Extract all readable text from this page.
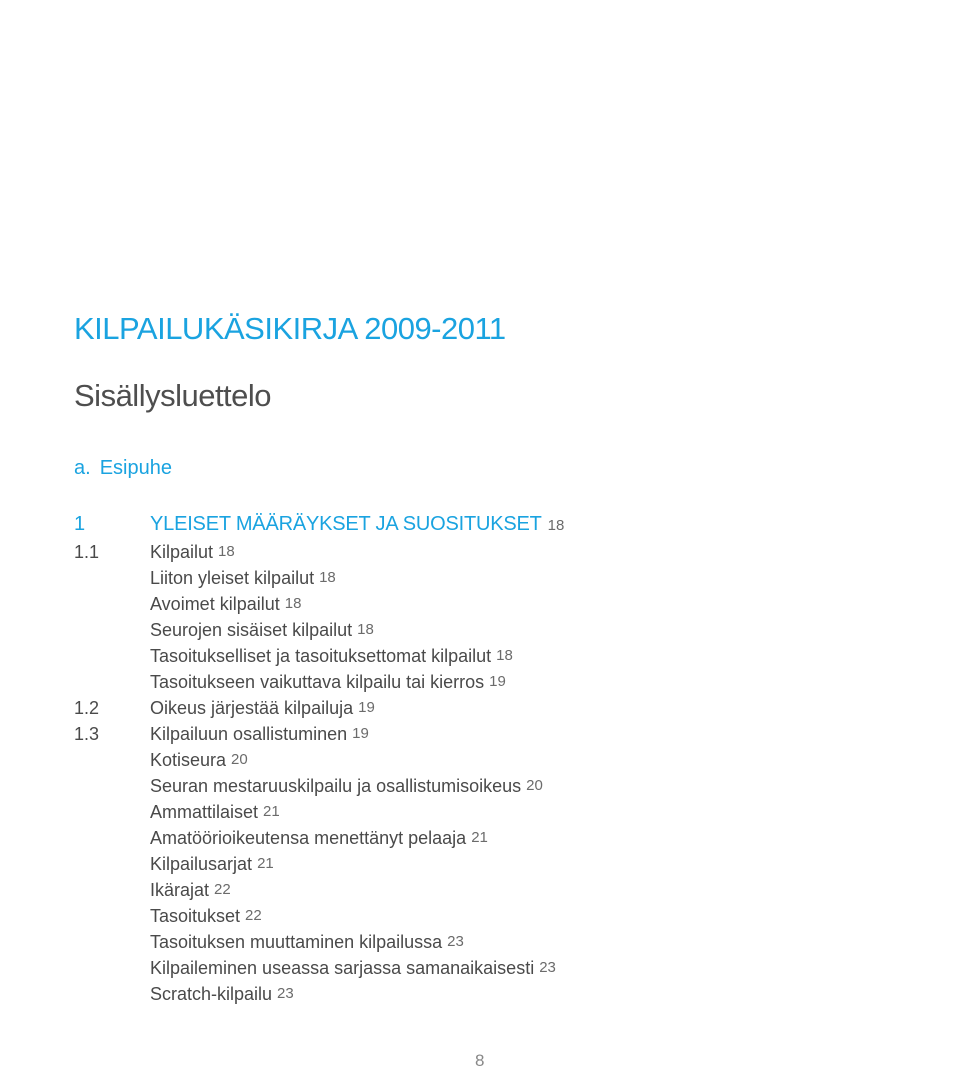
KILPAILUKÄSIKIRJA 2009-2011
Sisällysluettelo
a. Esipuhe
1	YLEISET MÄÄRÄYKSET JA SUOSITUKSET 18
1.1	Kilpailut 18
Liiton yleiset kilpailut 18
Avoimet kilpailut 18
Seurojen sisäiset kilpailut 18
Tasoitukselliset ja tasoituksettomat kilpailut 18
Tasoitukseen vaikuttava kilpailu tai kierros 19
1.2	Oikeus järjestää kilpailuja 19
1.3	Kilpailuun osallistuminen 19
Kotiseura 20
Seuran mestaruuskilpailu ja osallistumisoikeus 20
Ammattilaiset 21
Amatöörioikeutensa menettänyt pelaaja 21
Kilpailusarjat 21
Ikärajat 22
Tasoitukset 22
Tasoituksen muuttaminen kilpailussa 23
Kilpaileminen useassa sarjassa samanaikaisesti 23
Scratch-kilpailu 23
8
